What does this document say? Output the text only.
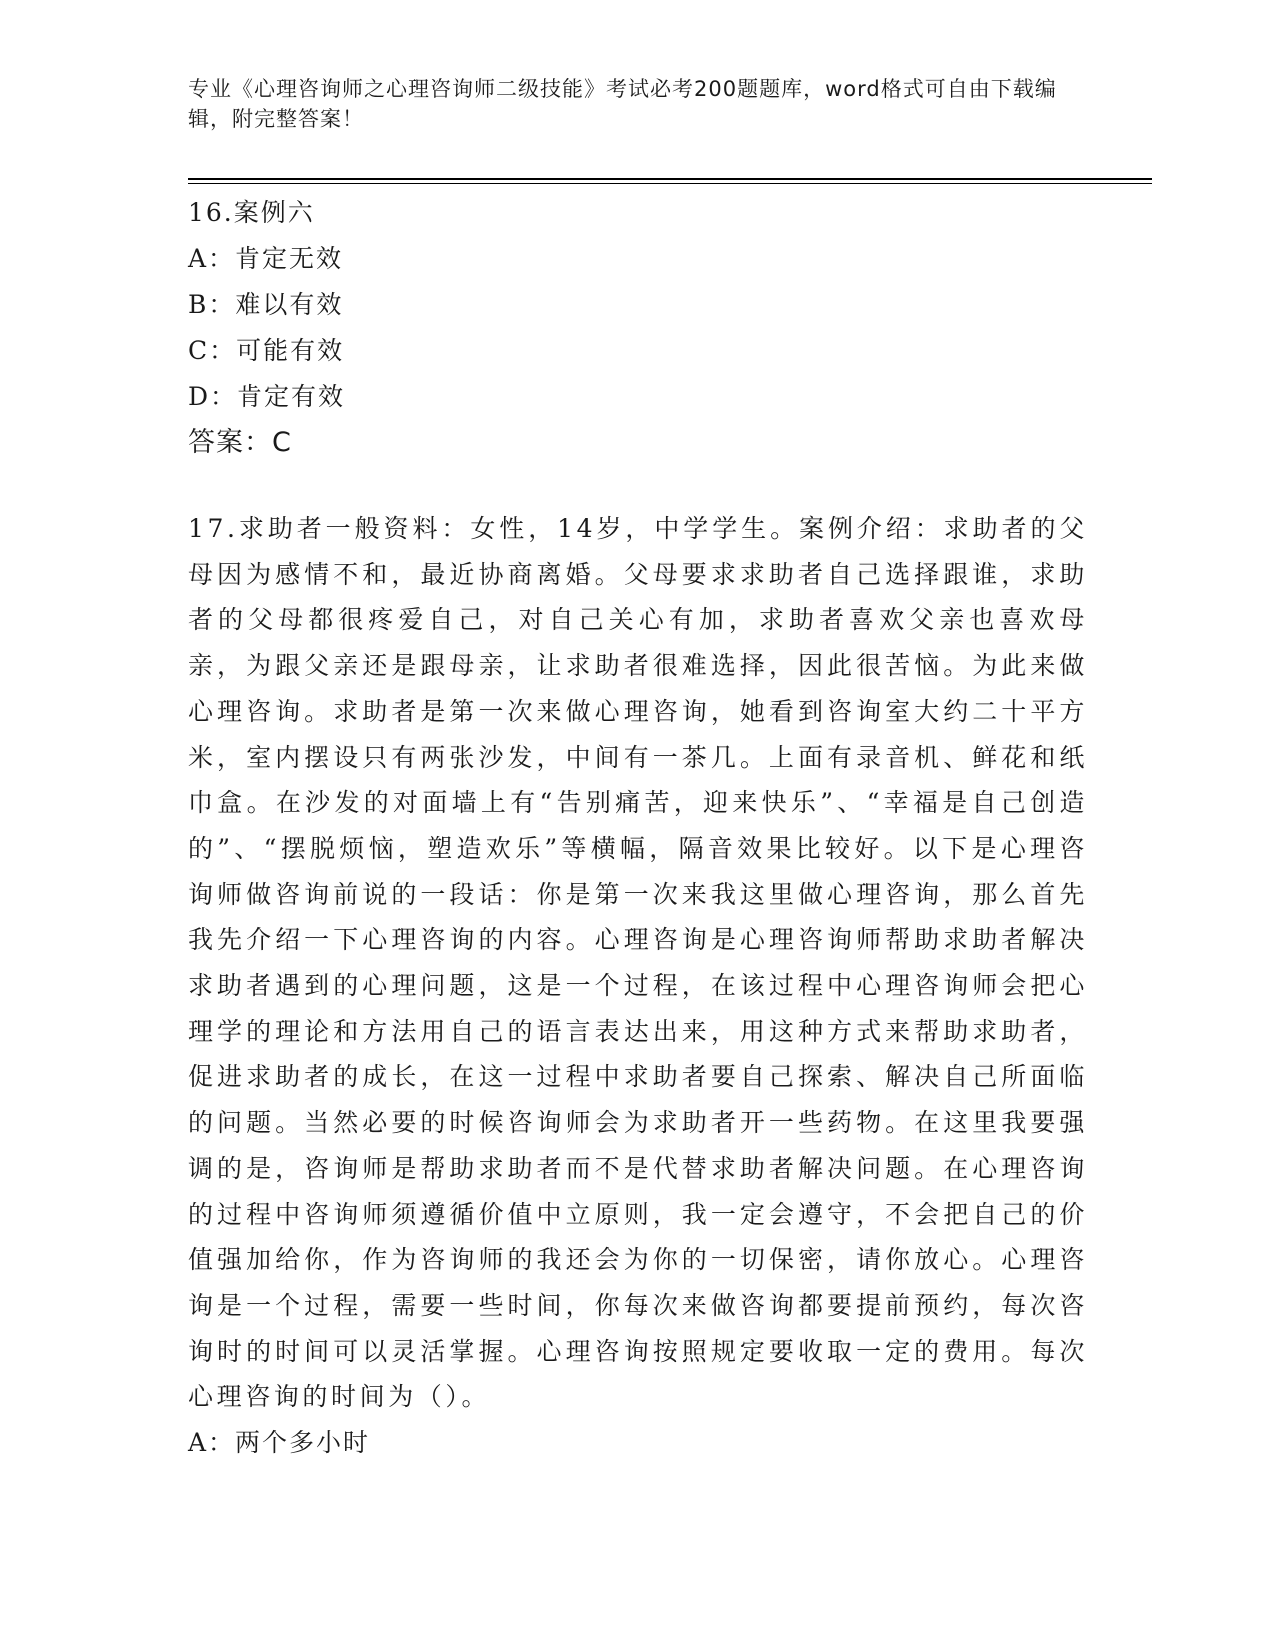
专业《心理咨询师之心理咨询师二级技能》考试必考200题题库，word格式可自由下载编辑，附完整答案！
16.案例六
A：肯定无效
B：难以有效
C：可能有效
D：肯定有效
答案：C
17.求助者一般资料：女性，14岁，中学学生。案例介绍：求助者的父母因为感情不和，最近协商离婚。父母要求求助者自己选择跟谁，求助者的父母都很疼爱自己，对自己关心有加，求助者喜欢父亲也喜欢母亲，为跟父亲还是跟母亲，让求助者很难选择，因此很苦恼。为此来做心理咨询。求助者是第一次来做心理咨询，她看到咨询室大约二十平方米，室内摆设只有两张沙发，中间有一茶几。上面有录音机、鲜花和纸巾盒。在沙发的对面墙上有“告别痛苦，迎来快乐”、“幸福是自己创造的”、“摆脱烦恼，塑造欢乐”等横幅，隔音效果比较好。以下是心理咨询师做咨询前说的一段话：你是第一次来我这里做心理咨询，那么首先我先介绍一下心理咨询的内容。心理咨询是心理咨询师帮助求助者解决求助者遇到的心理问题，这是一个过程，在该过程中心理咨询师会把心理学的理论和方法用自己的语言表达出来，用这种方式来帮助求助者，促进求助者的成长，在这一过程中求助者要自己探索、解决自己所面临的问题。当然必要的时候咨询师会为求助者开一些药物。在这里我要强调的是，咨询师是帮助求助者而不是代替求助者解决问题。在心理咨询的过程中咨询师须遵循价值中立原则，我一定会遵守，不会把自己的价值强加给你，作为咨询师的我还会为你的一切保密，请你放心。心理咨询是一个过程，需要一些时间，你每次来做咨询都要提前预约，每次咨询时的时间可以灵活掌握。心理咨询按照规定要收取一定的费用。每次心理咨询的时间为（）。
A：两个多小时
